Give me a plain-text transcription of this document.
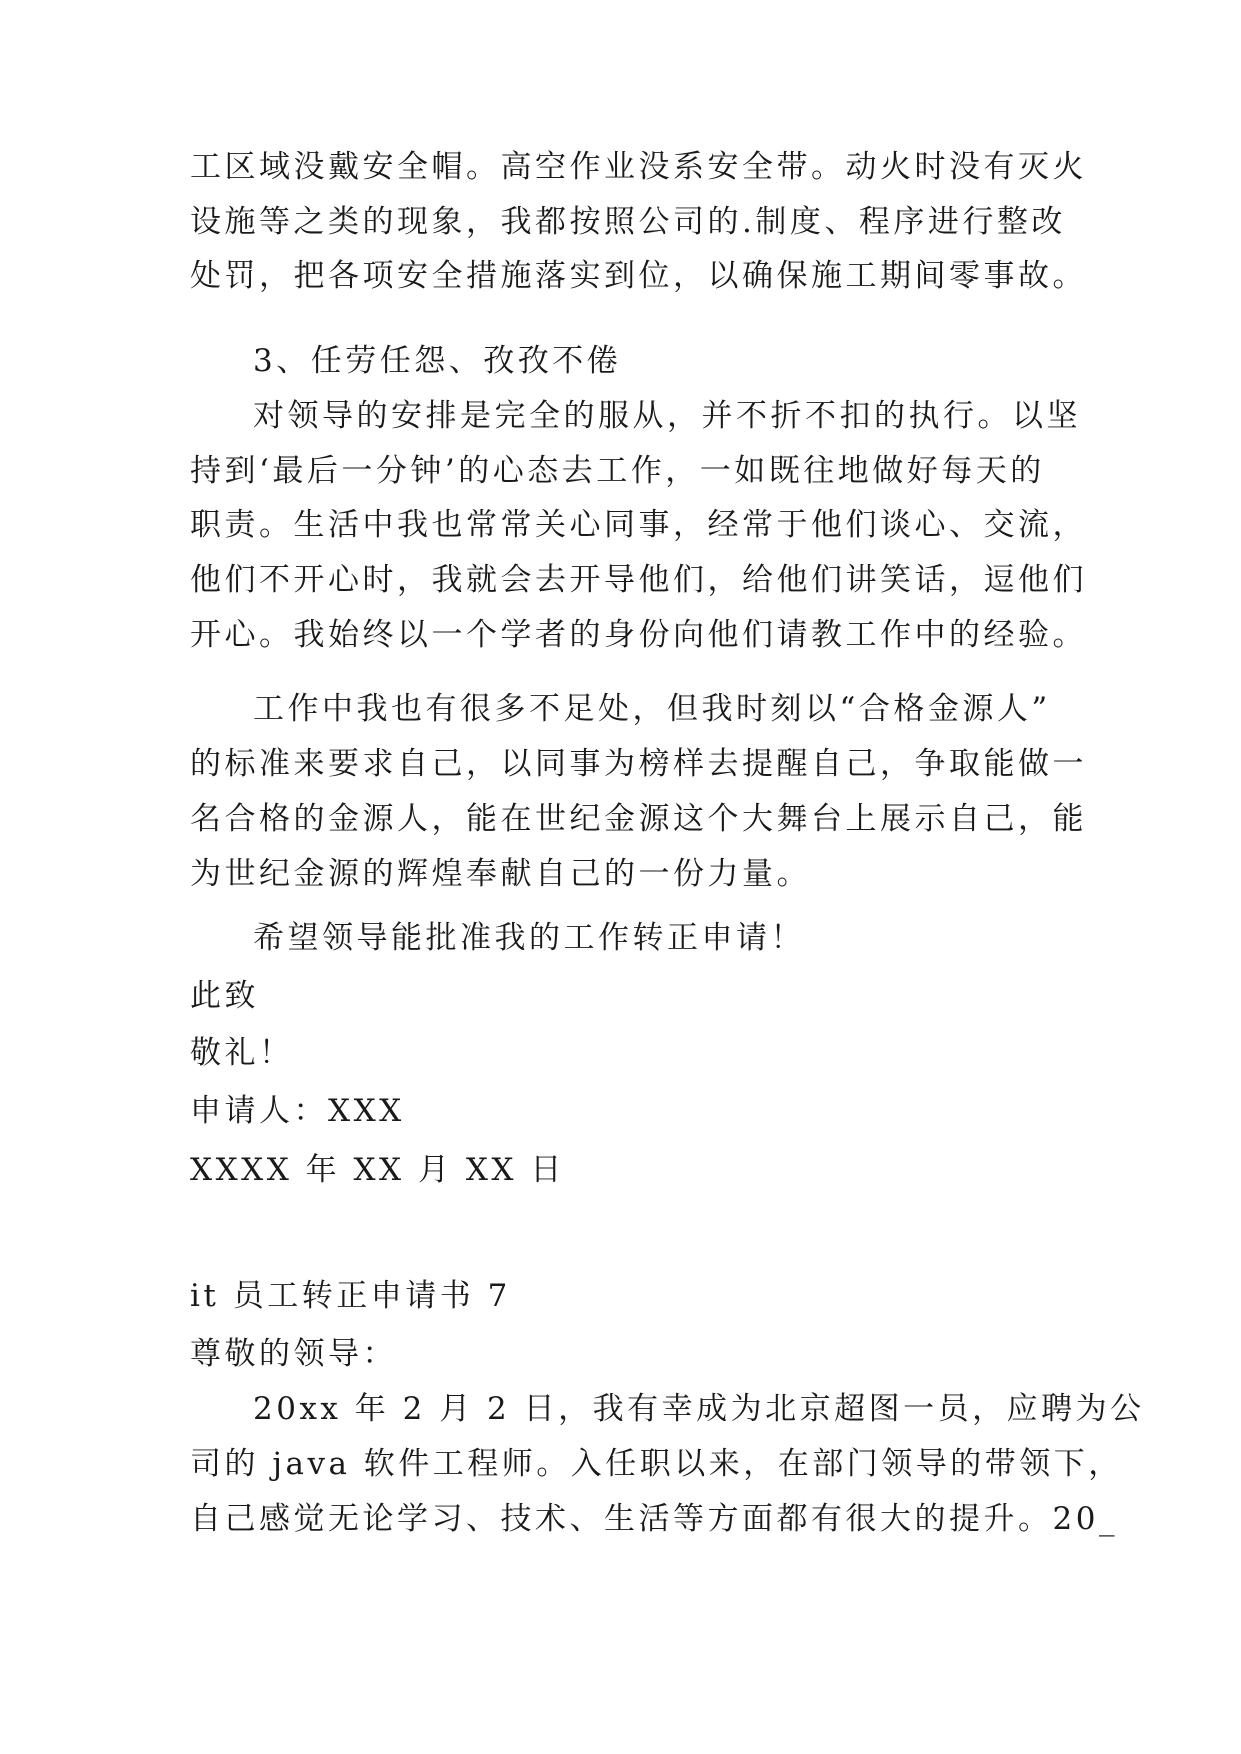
工区域没戴安全帽。高空作业没系安全带。动火时没有灭火
设施等之类的现象，我都按照公司的.制度、程序进行整改
处罚，把各项安全措施落实到位，以确保施工期间零事故。
3、任劳任怨、孜孜不倦
对领导的安排是完全的服从，并不折不扣的执行。以坚
持到‘最后一分钟’的心态去工作，一如既往地做好每天的
职责。生活中我也常常关心同事，经常于他们谈心、交流，
他们不开心时，我就会去开导他们，给他们讲笑话，逗他们
开心。我始终以一个学者的身份向他们请教工作中的经验。
工作中我也有很多不足处，但我时刻以“合格金源人”
的标准来要求自己，以同事为榜样去提醒自己，争取能做一
名合格的金源人，能在世纪金源这个大舞台上展示自己，能
为世纪金源的辉煌奉献自己的一份力量。
希望领导能批准我的工作转正申请！
此致
敬礼！
申请人：XXX
XXXX 年 XX 月 XX 日
it 员工转正申请书 7
尊敬的领导：
20xx 年 2 月 2 日，我有幸成为北京超图一员，应聘为公
司的 java 软件工程师。入任职以来，在部门领导的带领下，
自己感觉无论学习、技术、生活等方面都有很大的提升。20_
